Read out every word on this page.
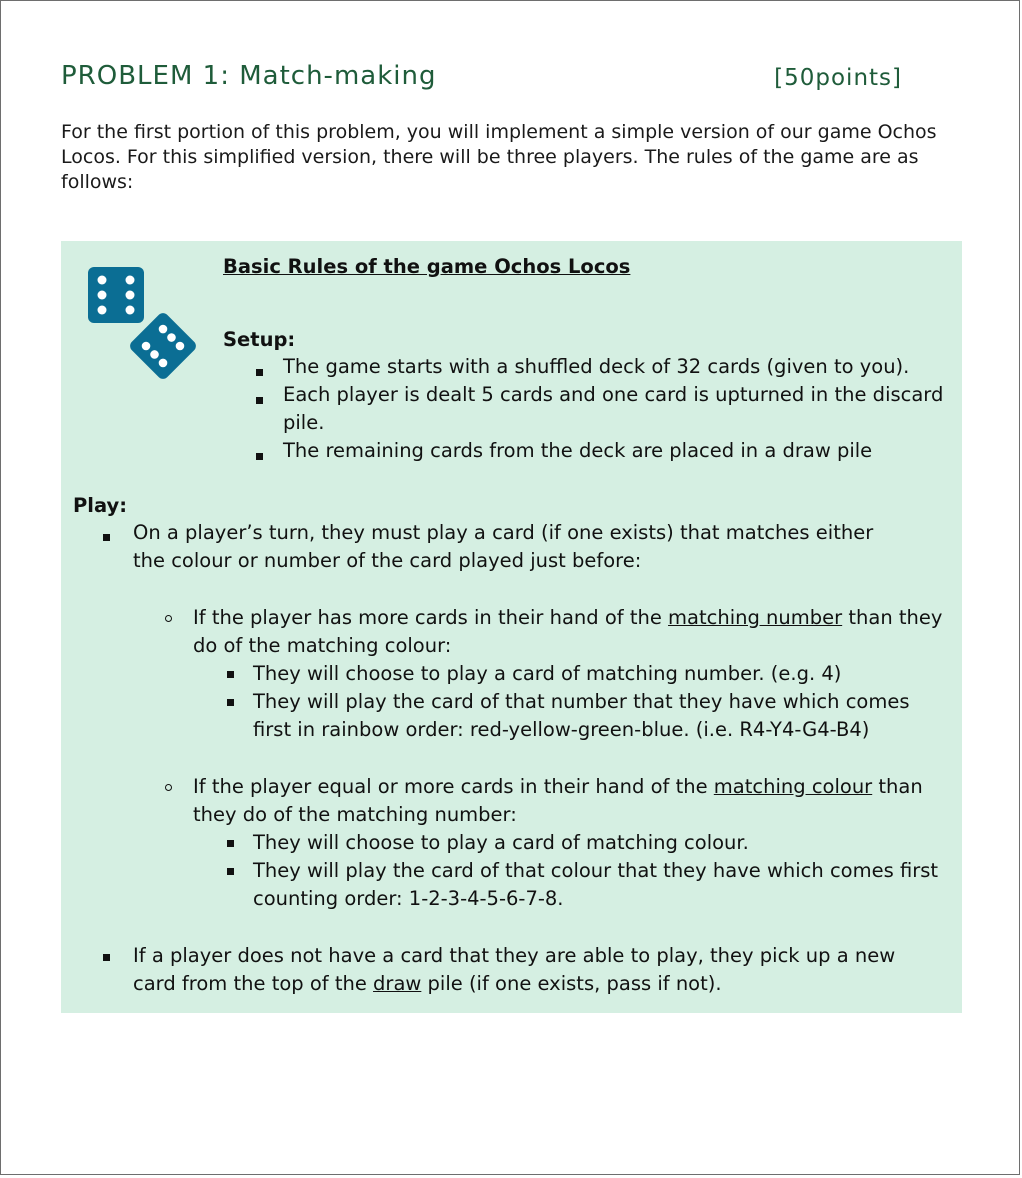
PROBLEM 1: Match-making	[50points]
For the first portion of this problem, you will implement a simple version of our game Ochos Locos. For this simplified version, there will be three players. The rules of the game are as follows:
Basic Rules of the game Ochos Locos
Setup:
The game starts with a shuffled deck of 32 cards (given to you).
Each player is dealt 5 cards and one card is upturned in the discard pile.
The remaining cards from the deck are placed in a draw pile
Play:
On a player’s turn, they must play a card (if one exists) that matches either the colour or number of the card played just before:
If the player has more cards in their hand of the matching number than they do of the matching colour:
They will choose to play a card of matching number. (e.g. 4)
They will play the card of that number that they have which comes first in rainbow order: red-yellow-green-blue. (i.e. R4-Y4-G4-B4)
If the player equal or more cards in their hand of the matching colour than they do of the matching number:
They will choose to play a card of matching colour.
They will play the card of that colour that they have which comes first counting order: 1-2-3-4-5-6-7-8.
If a player does not have a card that they are able to play, they pick up a new card from the top of the draw pile (if one exists, pass if not).
